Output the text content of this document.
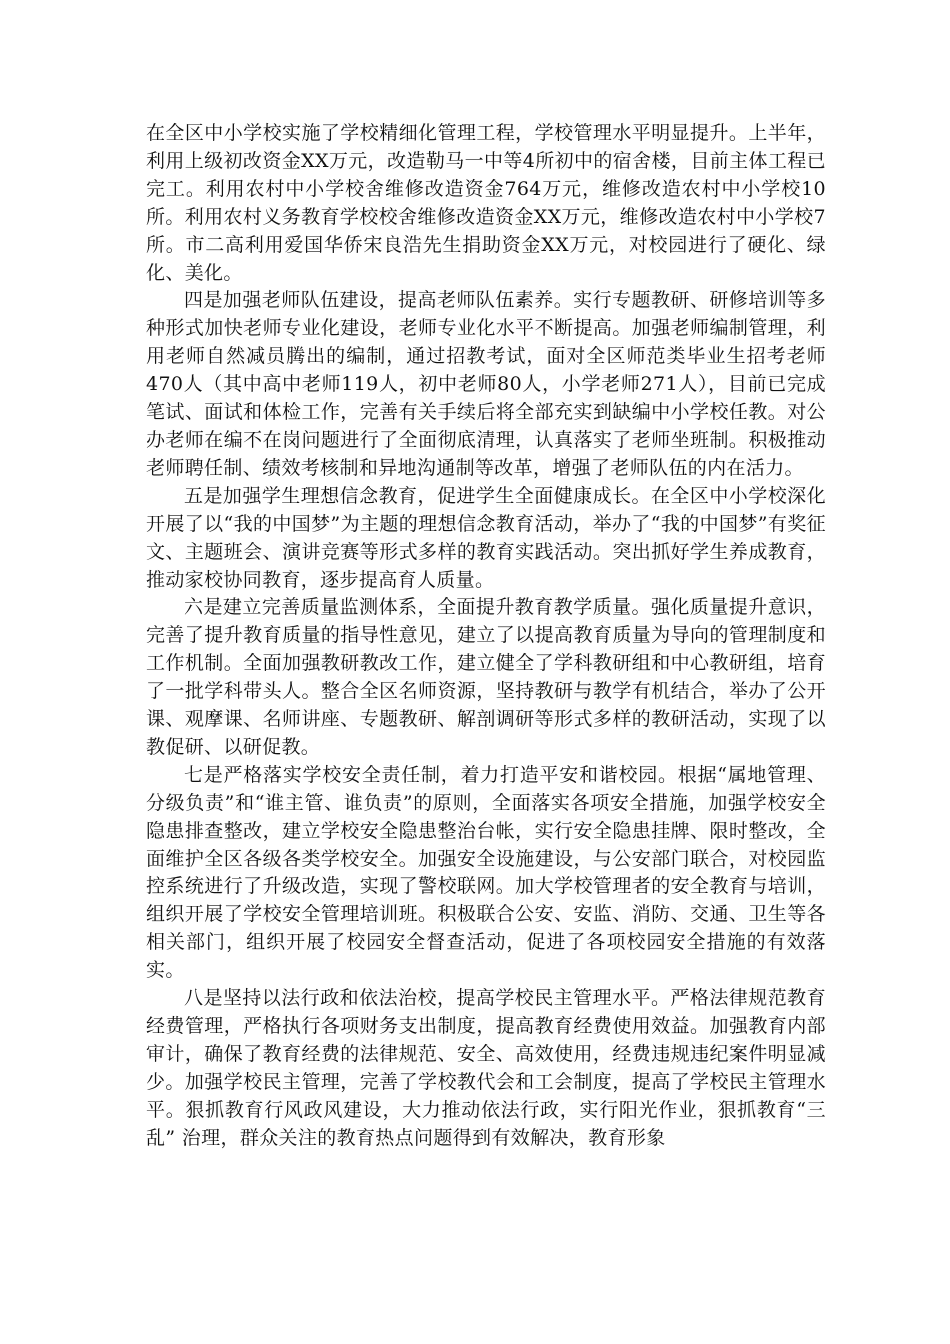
在全区中小学校实施了学校精细化管理工程，学校管理水平明显提升。上半年，利用上级初改资金XX万元，改造勒马一中等4所初中的宿舍楼，目前主体工程已完工。利用农村中小学校舍维修改造资金764万元，维修改造农村中小学校10所。利用农村义务教育学校校舍维修改造资金XX万元，维修改造农村中小学校7所。市二高利用爱国华侨宋良浩先生捐助资金XX万元，对校园进行了硬化、绿化、美化。

四是加强老师队伍建设，提高老师队伍素养。实行专题教研、研修培训等多种形式加快老师专业化建设，老师专业化水平不断提高。加强老师编制管理，利用老师自然减员腾出的编制，通过招教考试，面对全区师范类毕业生招考老师470人（其中高中老师119人，初中老师80人，小学老师271人），目前已完成笔试、面试和体检工作，完善有关手续后将全部充实到缺编中小学校任教。对公办老师在编不在岗问题进行了全面彻底清理，认真落实了老师坐班制。积极推动老师聘任制、绩效考核制和异地沟通制等改革，增强了老师队伍的内在活力。

五是加强学生理想信念教育，促进学生全面健康成长。在全区中小学校深化开展了以“我的中国梦”为主题的理想信念教育活动，举办了“我的中国梦”有奖征文、主题班会、演讲竞赛等形式多样的教育实践活动。突出抓好学生养成教育，推动家校协同教育，逐步提高育人质量。

六是建立完善质量监测体系，全面提升教育教学质量。强化质量提升意识，完善了提升教育质量的指导性意见，建立了以提高教育质量为导向的管理制度和工作机制。全面加强教研教改工作，建立健全了学科教研组和中心教研组，培育了一批学科带头人。整合全区名师资源，坚持教研与教学有机结合，举办了公开课、观摩课、名师讲座、专题教研、解剖调研等形式多样的教研活动，实现了以教促研、以研促教。

七是严格落实学校安全责任制，着力打造平安和谐校园。根据“属地管理、分级负责”和“谁主管、谁负责”的原则，全面落实各项安全措施，加强学校安全隐患排查整改，建立学校安全隐患整治台帐，实行安全隐患挂牌、限时整改，全面维护全区各级各类学校安全。加强安全设施建设，与公安部门联合，对校园监控系统进行了升级改造，实现了警校联网。加大学校管理者的安全教育与培训，组织开展了学校安全管理培训班。积极联合公安、安监、消防、交通、卫生等各相关部门，组织开展了校园安全督查活动，促进了各项校园安全措施的有效落实。

八是坚持以法行政和依法治校，提高学校民主管理水平。严格法律规范教育经费管理，严格执行各项财务支出制度，提高教育经费使用效益。加强教育内部审计，确保了教育经费的法律规范、安全、高效使用，经费违规违纪案件明显减少。加强学校民主管理，完善了学校教代会和工会制度，提高了学校民主管理水平。狠抓教育行风政风建设，大力推动依法行政，实行阳光作业，狠抓教育“三乱” 治理，群众关注的教育热点问题得到有效解决，教育形象
